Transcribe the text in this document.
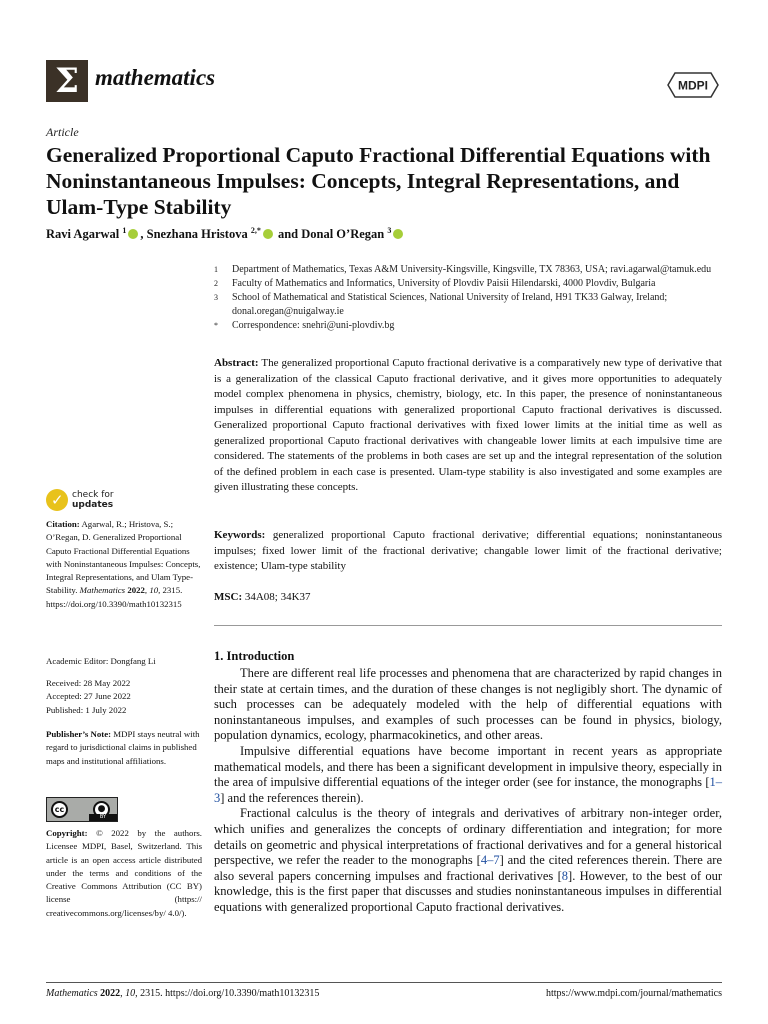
Σ mathematics	MDPI
Article
Generalized Proportional Caputo Fractional Differential Equations with Noninstantaneous Impulses: Concepts, Integral Representations, and Ulam-Type Stability
Ravi Agarwal $^1$ , Snezhana Hristova $^{2,*}$ and Donal O’Regan $^3$
1	Department of Mathematics, Texas A&M University-Kingsville, Kingsville, TX 78363, USA; ravi.agarwal@tamuk.edu
2	Faculty of Mathematics and Informatics, University of Plovdiv Paisii Hilendarski, 4000 Plovdiv, Bulgaria
3	School of Mathematical and Statistical Sciences, National University of Ireland, H91 TK33 Galway, Ireland; donal.oregan@nuigalway.ie
*	Correspondence: snehri@uni-plovdiv.bg
Abstract: The generalized proportional Caputo fractional derivative is a comparatively new type of derivative that is a generalization of the classical Caputo fractional derivative, and it gives more opportunities to adequately model complex phenomena in physics, chemistry, biology, etc. In this paper, the presence of noninstantaneous impulses in differential equations with generalized proportional Caputo fractional derivatives is discussed. Generalized proportional Caputo fractional derivatives with fixed lower limits at the initial time as well as generalized proportional Caputo fractional derivatives with changeable lower limits at each impulsive time are considered. The statements of the problems in both cases are set up and the integral representation of the solution of the defined problem in each case is presented. Ulam-type stability is also investigated and some examples are given illustrating these concepts.
Keywords: generalized proportional Caputo fractional derivative; differential equations; noninstantaneous impulses; fixed lower limit of the fractional derivative; changable lower limit of the fractional derivative; existence; Ulam-type stability
MSC: 34A08; 34K37
1. Introduction

There are different real life processes and phenomena that are characterized by rapid changes in their state at certain times, and the duration of these changes is not negligibly short. The dynamic of such processes can be adequately modeled with the help of differential equations with noninstantaneous impulses, and examples of such processes can be found in physics, biology, population dynamics, ecology, pharmacokinetics, and other areas.

Impulsive differential equations have become important in recent years as appropriate mathematical models, and there has been a significant development in impulsive theory, especially in the area of impulsive differential equations of the integer order (see for instance, the monographs [1–3] and the references therein).

Fractional calculus is the theory of integrals and derivatives of arbitrary non-integer order, which unifies and generalizes the concepts of ordinary differentiation and integration; for more details on geometric and physical interpretations of fractional derivatives and for a general historical perspective, we refer the reader to the monographs [4–7] and the cited references therein. There are also several papers concerning impulses and fractional derivatives [8]. However, to the best of our knowledge, this is the first paper that discusses and studies noninstantaneous impulses in differential equations with generalized proportional Caputo fractional derivatives.

✓ check for
updates
Citation: Agarwal, R.; Hristova, S.; O’Regan, D. Generalized Proportional Caputo Fractional Differential Equations with Noninstantaneous Impulses: Concepts, Integral Representations, and Ulam Type-Stability. Mathematics 2022, 10, 2315. https://doi.org/10.3390/math10132315
Academic Editor: Dongfang Li
Received: 28 May 2022
Accepted: 27 June 2022
Published: 1 July 2022
Publisher’s Note: MDPI stays neutral with regard to jurisdictional claims in published maps and institutional affiliations.
cc	●
BY
Copyright: © 2022 by the authors. Licensee MDPI, Basel, Switzerland. This article is an open access article distributed under the terms and conditions of the Creative Commons Attribution (CC BY) license (https:// creativecommons.org/licenses/by/ 4.0/).
Mathematics 2022, 10, 2315. https://doi.org/10.3390/math10132315	https://www.mdpi.com/journal/mathematics
